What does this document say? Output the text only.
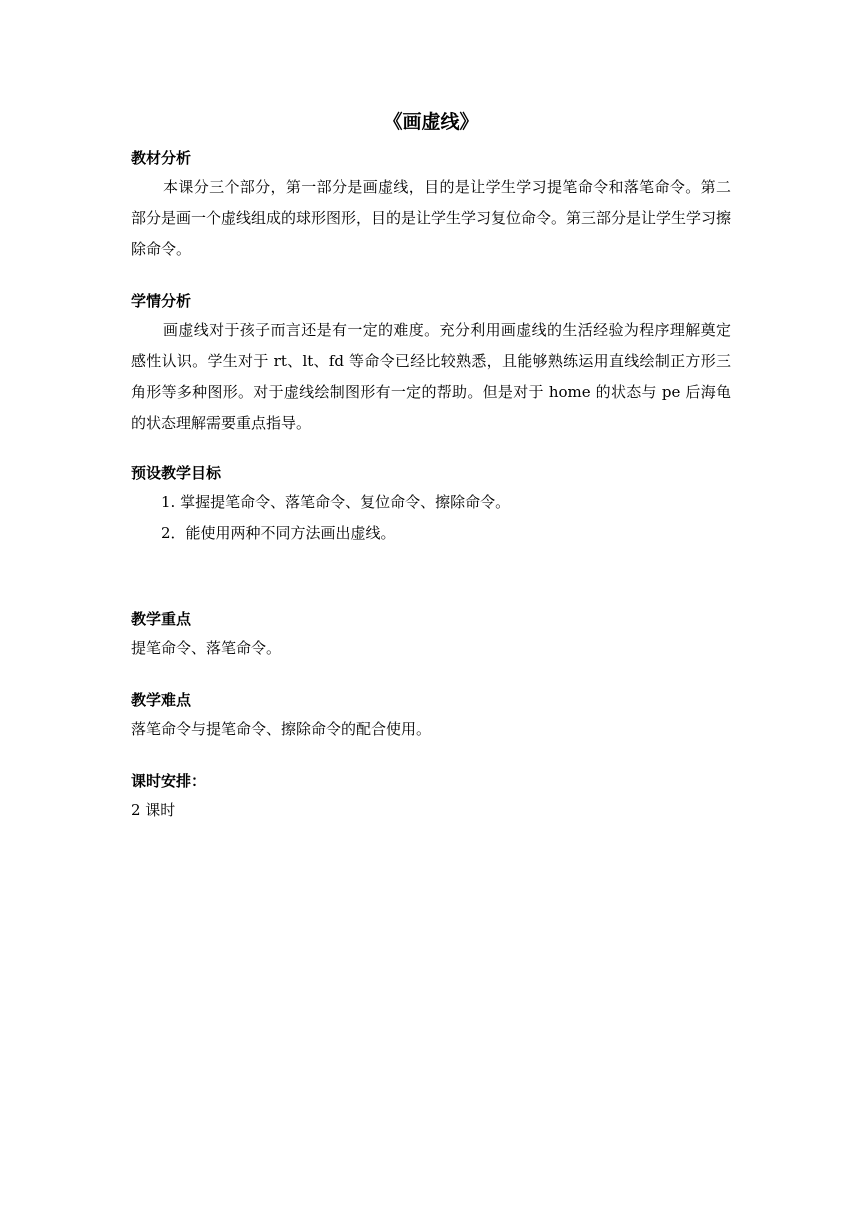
《画虚线》
教材分析

本课分三个部分，第一部分是画虚线，目的是让学生学习提笔命令和落笔命令。第二部分是画一个虚线组成的球形图形，目的是让学生学习复位命令。第三部分是让学生学习擦除命令。

学情分析

画虚线对于孩子而言还是有一定的难度。充分利用画虚线的生活经验为程序理解奠定感性认识。学生对于 rt、lt、fd 等命令已经比较熟悉，且能够熟练运用直线绘制正方形三角形等多种图形。对于虚线绘制图形有一定的帮助。但是对于 home 的状态与 pe 后海龟的状态理解需要重点指导。

预设教学目标
1. 掌握提笔命令、落笔命令、复位命令、擦除命令。
2．能使用两种不同方法画出虚线。
教学重点

提笔命令、落笔命令。

教学难点

落笔命令与提笔命令、擦除命令的配合使用。

课时安排：

2 课时
